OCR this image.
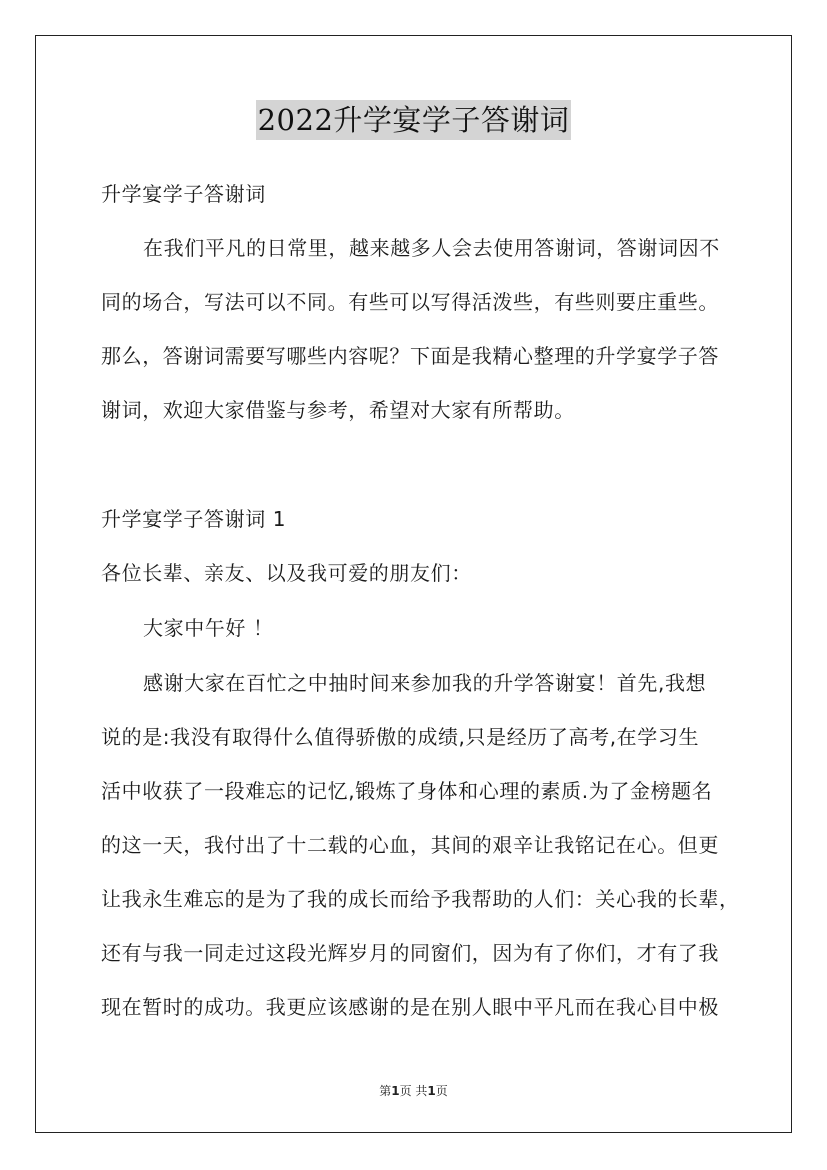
2022升学宴学子答谢词
升学宴学子答谢词
在我们平凡的日常里，越来越多人会去使用答谢词，答谢词因不
同的场合，写法可以不同。有些可以写得活泼些，有些则要庄重些。
那么，答谢词需要写哪些内容呢？下面是我精心整理的升学宴学子答
谢词，欢迎大家借鉴与参考，希望对大家有所帮助。
升学宴学子答谢词 1
各位长辈、亲友、以及我可爱的朋友们：
大家中午好 ！
感谢大家在百忙之中抽时间来参加我的升学答谢宴！首先,我想
说的是:我没有取得什么值得骄傲的成绩,只是经历了高考,在学习生
活中收获了一段难忘的记忆,锻炼了身体和心理的素质.为了金榜题名
的这一天，我付出了十二载的心血，其间的艰辛让我铭记在心。但更
让我永生难忘的是为了我的成长而给予我帮助的人们：关心我的长辈，
还有与我一同走过这段光辉岁月的同窗们，因为有了你们，才有了我
现在暂时的成功。我更应该感谢的是在别人眼中平凡而在我心目中极
第1页 共1页
